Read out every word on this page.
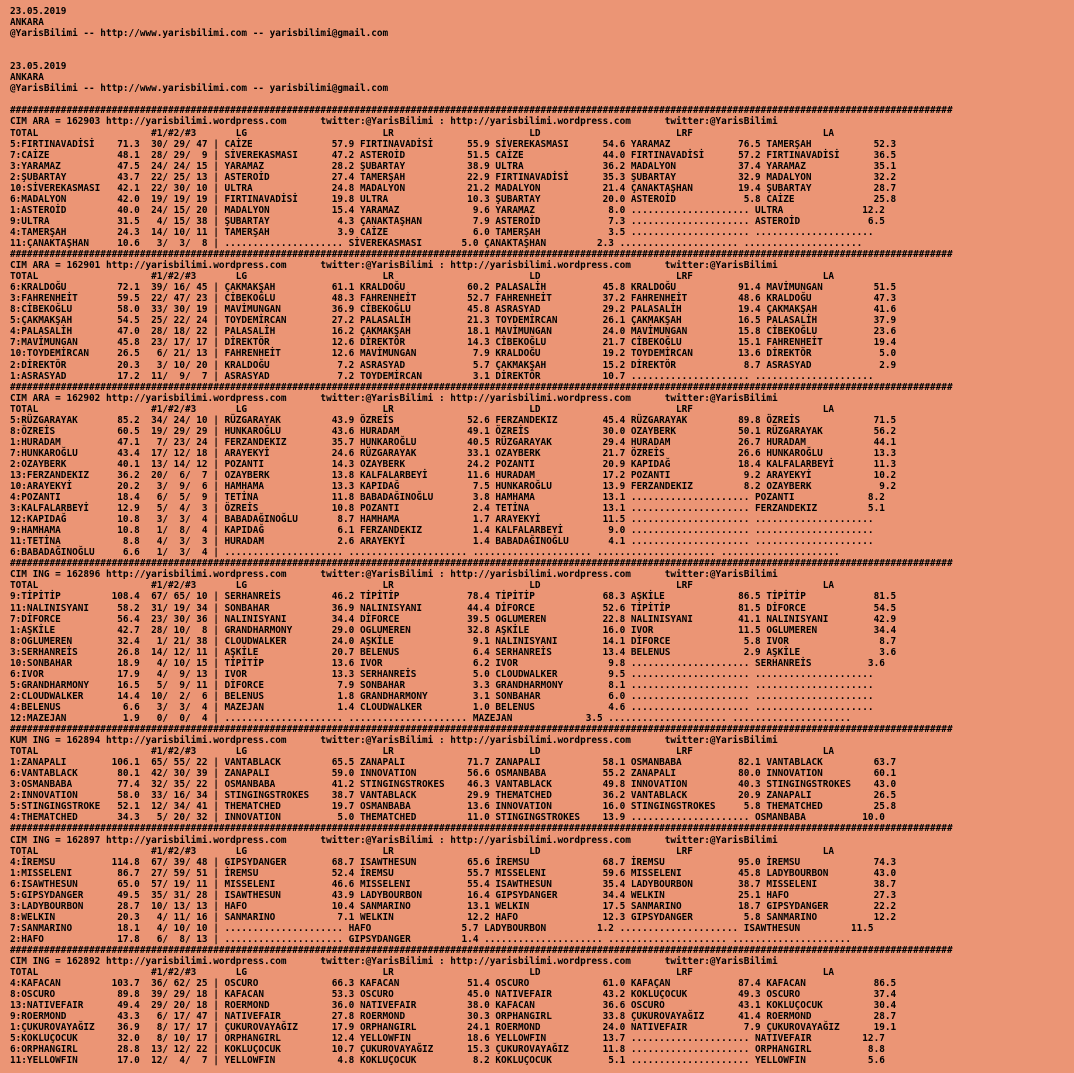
23.05.2019
ANKARA
@YarisBilimi -- http://www.yarisbilimi.com -- yarisbilimi@gmail.com

23.05.2019
ANKARA
@YarisBilimi -- http://www.yarisbilimi.com -- yarisbilimi@gmail.com

#######################################################################################################################################################################
CIM ARA = 162903 http://yarisbilimi.wordpress.com      twitter:@YarisBilimi : http://yarisbilimi.wordpress.com      twitter:@YarisBilimi
TOTAL                    #1/#2/#3       LG                        LR                        LD                        LRF                       LA
5:FIRTINAVADİSİ    71.3  30/ 29/ 47 | CAİZE              57.9 FIRTINAVADİSİ      55.9 SİVEREKASMASI      54.6 YARAMAZ            76.5 TAMERŞAH           52.3
7:CAİZE            48.1  28/ 29/  9 | SİVEREKASMASI      47.2 ASTEROİD           51.5 CAİZE              44.0 FIRTINAVADİSİ      57.2 FIRTINAVADİSİ      36.5
3:YARAMAZ          47.5  24/ 24/ 15 | YARAMAZ            28.2 ŞUBARTAY           38.9 ULTRA              36.2 MADALYON           37.4 YARAMAZ            35.1
2:ŞUBARTAY         43.7  22/ 25/ 13 | ASTEROİD           27.4 TAMERŞAH           22.9 FIRTINAVADİSİ      35.3 ŞUBARTAY           32.9 MADALYON           32.2
10:SİVEREKASMASI   42.1  22/ 30/ 10 | ULTRA              24.8 MADALYON           21.2 MADALYON           21.4 ÇANAKTAŞHAN        19.4 ŞUBARTAY           28.7
6:MADALYON         42.0  19/ 19/ 19 | FIRTINAVADİSİ      19.8 ULTRA              10.3 ŞUBARTAY           20.0 ASTEROİD            5.8 CAİZE              25.8
1:ASTEROİD         40.0  24/ 15/ 20 | MADALYON           15.4 YARAMAZ             9.6 YARAMAZ             8.0 ..................... ULTRA              12.2
9:ULTRA            31.5   4/ 15/ 38 | ŞUBARTAY            4.3 ÇANAKTAŞHAN         7.9 ASTEROİD            7.3 ..................... ASTEROİD            6.5
4:TAMERŞAH         24.3  14/ 10/ 11 | TAMERŞAH            3.9 CAİZE               6.0 TAMERŞAH            3.5 ..................... .....................
11:ÇANAKTAŞHAN     10.6   3/  3/  8 | ..................... SİVEREKASMASI       5.0 ÇANAKTAŞHAN         2.3 ..................... .....................
#######################################################################################################################################################################
CIM ARA = 162901 http://yarisbilimi.wordpress.com      twitter:@YarisBilimi : http://yarisbilimi.wordpress.com      twitter:@YarisBilimi
TOTAL                    #1/#2/#3       LG                        LR                        LD                        LRF                       LA
6:KRALDOĞU         72.1  39/ 16/ 45 | ÇAKMAKŞAH          61.1 KRALDOĞU           60.2 PALASALİH          45.8 KRALDOĞU           91.4 MAVİMUNGAN         51.5
3:FAHRENHEİT       59.5  22/ 47/ 23 | CİBEKOĞLU          48.3 FAHRENHEİT         52.7 FAHRENHEİT         37.2 FAHRENHEİT         48.6 KRALDOĞU           47.3
8:CİBEKOĞLU        58.0  33/ 30/ 19 | MAVİMUNGAN         36.9 CİBEKOĞLU          45.8 ASRASYAD           29.2 PALASALİH          19.4 ÇAKMAKŞAH          41.6
5:ÇAKMAKŞAH        54.5  25/ 22/ 24 | TOYDEMİRCAN        27.2 PALASALİH          21.3 TOYDEMİRCAN        26.1 ÇAKMAKŞAH          16.5 PALASALİH          37.9
4:PALASALİH        47.0  28/ 18/ 22 | PALASALİH          16.2 ÇAKMAKŞAH          18.1 MAVİMUNGAN         24.0 MAVİMUNGAN         15.8 CİBEKOĞLU          23.6
7:MAVİMUNGAN       45.8  23/ 17/ 17 | DİREKTÖR           12.6 DİREKTÖR           14.3 CİBEKOĞLU          21.7 CİBEKOĞLU          15.1 FAHRENHEİT         19.4
10:TOYDEMİRCAN     26.5   6/ 21/ 13 | FAHRENHEİT         12.6 MAVİMUNGAN          7.9 KRALDOĞU           19.2 TOYDEMİRCAN        13.6 DİREKTÖR            5.0
2:DİREKTÖR         20.3   3/ 10/ 20 | KRALDOĞU            7.2 ASRASYAD            5.7 ÇAKMAKŞAH          15.2 DİREKTÖR            8.7 ASRASYAD            2.9
1:ASRASYAD         17.2  11/  9/  7 | ASRASYAD            7.2 TOYDEMİRCAN         3.1 DİREKTÖR           10.7 ..................... .....................
#######################################################################################################################################################################
CIM ARA = 162902 http://yarisbilimi.wordpress.com      twitter:@YarisBilimi : http://yarisbilimi.wordpress.com      twitter:@YarisBilimi
TOTAL                    #1/#2/#3       LG                        LR                        LD                        LRF                       LA
5:RÜZGARAYAK       85.2  34/ 24/ 10 | RÜZGARAYAK         43.9 ÖZREİS             52.6 FERZANDEKIZ        45.4 RÜZGARAYAK         89.8 ÖZREİS             71.5
8:ÖZREİS           60.5  19/ 29/ 29 | HUNKAROĞLU         43.6 HURADAM            49.1 ÖZREİS             30.0 OZAYBERK           50.1 RÜZGARAYAK         56.2
1:HURADAM          47.1   7/ 23/ 24 | FERZANDEKIZ        35.7 HUNKAROĞLU         40.5 RÜZGARAYAK         29.4 HURADAM            26.7 HURADAM            44.1
7:HUNKAROĞLU       43.4  17/ 12/ 18 | ARAYEKYİ           24.6 RÜZGARAYAK         33.1 OZAYBERK           21.7 ÖZREİS             26.6 HUNKAROĞLU         13.3
2:OZAYBERK         40.1  13/ 14/ 12 | POZANTI            14.3 OZAYBERK           24.2 POZANTI            20.9 KAPIDAĞ            18.4 KALFALARBEYİ       11.3
13:FERZANDEKIZ     36.2  20/  6/  7 | OZAYBERK           13.8 KALFALARBEYİ       11.6 HURADAM            17.2 POZANTI             9.2 ARAYEKYİ           10.2
10:ARAYEKYİ        20.2   3/  9/  6 | HAMHAMA            13.3 KAPIDAĞ             7.5 HUNKAROĞLU         13.9 FERZANDEKIZ         8.2 OZAYBERK            9.2
4:POZANTI          18.4   6/  5/  9 | TETİNA             11.8 BABADAĞINOĞLU       3.8 HAMHAMA            13.1 ..................... POZANTI             8.2
3:KALFALARBEYİ     12.9   5/  4/  3 | ÖZREİS             10.8 POZANTI             2.4 TETİNA             13.1 ..................... FERZANDEKIZ         5.1
12:KAPIDAĞ         10.8   3/  3/  4 | BABADAĞINOĞLU       8.7 HAMHAMA             1.7 ARAYEKYİ           11.5 ..................... .....................
9:HAMHAMA          10.8   1/  8/  4 | KAPIDAĞ             6.1 FERZANDEKIZ         1.4 KALFALARBEYİ        9.0 ..................... .....................
11:TETİNA           8.8   4/  3/  3 | HURADAM             2.6 ARAYEKYİ            1.4 BABADAĞINOĞLU       4.1 ..................... .....................
6:BABADAĞINOĞLU     6.6   1/  3/  4 | ..................... ..................... ..................... ..................... .....................
#######################################################################################################################################################################
CIM ING = 162896 http://yarisbilimi.wordpress.com      twitter:@YarisBilimi : http://yarisbilimi.wordpress.com      twitter:@YarisBilimi
TOTAL                    #1/#2/#3       LG                        LR                        LD                        LRF                       LA
9:TİPİTİP         108.4  67/ 65/ 10 | SERHANREİS         46.2 TİPİTİP            78.4 TİPİTİP            68.3 AŞKİLE             86.5 TİPİTİP            81.5
11:NALINISYANI     58.2  31/ 19/ 34 | SONBAHAR           36.9 NALINISYANI        44.4 DİFORCE            52.6 TİPİTİP            81.5 DİFORCE            54.5
7:DİFORCE          56.4  23/ 30/ 36 | NALINISYANI        34.4 DİFORCE            39.5 OGLUMEREN          22.8 NALINISYANI        41.1 NALINISYANI        42.9
1:AŞKİLE           42.7  28/ 10/  8 | GRANDHARMONY       29.0 OGLUMEREN          32.8 AŞKİLE             16.0 IVOR               11.5 OGLUMEREN          34.4
8:OGLUMEREN        32.4   1/ 21/ 38 | CLOUDWALKER        24.0 AŞKİLE              9.1 NALINISYANI        14.1 DİFORCE             5.8 IVOR                8.7
3:SERHANREİS       26.8  14/ 12/ 11 | AŞKİLE             20.7 BELENUS             6.4 SERHANREİS         13.4 BELENUS             2.9 AŞKİLE              3.6
10:SONBAHAR        18.9   4/ 10/ 15 | TİPİTİP            13.6 IVOR                6.2 IVOR                9.8 ..................... SERHANREİS          3.6
6:IVOR             17.9   4/  9/ 13 | IVOR               13.3 SERHANREİS          5.0 CLOUDWALKER         9.5 ..................... .....................
5:GRANDHARMONY     16.5   5/  9/ 11 | DİFORCE             7.9 SONBAHAR            3.3 GRANDHARMONY        8.1 ..................... .....................
2:CLOUDWALKER      14.4  10/  2/  6 | BELENUS             1.8 GRANDHARMONY        3.1 SONBAHAR            6.0 ..................... .....................
4:BELENUS           6.6   3/  3/  4 | MAZEJAN             1.4 CLOUDWALKER         1.0 BELENUS             4.6 ..................... .....................
12:MAZEJAN          1.9   0/  0/  4 | ..................... ..................... MAZEJAN             3.5 ..................... .....................
#######################################################################################################################################################################
KUM ING = 162894 http://yarisbilimi.wordpress.com      twitter:@YarisBilimi : http://yarisbilimi.wordpress.com      twitter:@YarisBilimi
TOTAL                    #1/#2/#3       LG                        LR                        LD                        LRF                       LA
1:ZANAPALI        106.1  65/ 55/ 22 | VANTABLACK         65.5 ZANAPALI           71.7 ZANAPALI           58.1 OSMANBABA          82.1 VANTABLACK         63.7
6:VANTABLACK       80.1  42/ 30/ 39 | ZANAPALI           59.0 INNOVATION         56.6 OSMANBABA          55.2 ZANAPALI           80.0 INNOVATION         60.1
3:OSMANBABA        77.4  32/ 35/ 22 | OSMANBABA          41.2 STINGINGSTROKES    46.3 VANTABLACK         49.8 INNOVATION         40.3 STINGINGSTROKES    43.0
2:INNOVATION       58.0  33/ 16/ 34 | STINGINGSTROKES    38.7 VANTABLACK         29.9 THEMATCHED         36.2 VANTABLACK         20.9 ZANAPALI           26.5
5:STINGINGSTROKE   52.1  12/ 34/ 41 | THEMATCHED         19.7 OSMANBABA          13.6 INNOVATION         16.0 STINGINGSTROKES     5.8 THEMATCHED         25.8
4:THEMATCHED       34.3   5/ 20/ 32 | INNOVATION          5.0 THEMATCHED         11.0 STINGINGSTROKES    13.9 ..................... OSMANBABA          10.0
#######################################################################################################################################################################
CIM ING = 162897 http://yarisbilimi.wordpress.com      twitter:@YarisBilimi : http://yarisbilimi.wordpress.com      twitter:@YarisBilimi
TOTAL                    #1/#2/#3       LG                        LR                        LD                        LRF                       LA
4:İREMSU          114.8  67/ 39/ 48 | GIPSYDANGER        68.7 ISAWTHESUN         65.6 İREMSU             68.7 İREMSU             95.0 İREMSU             74.3
1:MISSELENI        86.7  27/ 59/ 51 | İREMSU             52.4 İREMSU             55.7 MISSELENI          59.6 MISSELENI          45.8 LADYBOURBON        43.0
6:ISAWTHESUN       65.0  57/ 19/ 11 | MISSELENI          46.6 MISSELENI          55.4 ISAWTHESUN         35.4 LADYBOURBON        38.7 MISSELENI          38.7
5:GIPSYDANGER      49.5  35/ 31/ 28 | ISAWTHESUN         43.9 LADYBOURBON        16.4 GIPSYDANGER        34.4 WELKIN             25.1 HAFO               27.3
3:LADYBOURBON      28.7  10/ 13/ 13 | HAFO               10.4 SANMARINO          13.1 WELKIN             17.5 SANMARINO          18.7 GIPSYDANGER        22.2
8:WELKIN           20.3   4/ 11/ 16 | SANMARINO           7.1 WELKIN             12.2 HAFO               12.3 GIPSYDANGER         5.8 SANMARINO          12.2
7:SANMARINO        18.1   4/ 10/ 10 | ..................... HAFO                5.7 LADYBOURBON         1.2 ..................... ISAWTHESUN         11.5
2:HAFO             17.8   6/  8/ 13 | ..................... GIPSYDANGER         1.4 ..................... ..................... .....................
#######################################################################################################################################################################
CIM ING = 162892 http://yarisbilimi.wordpress.com      twitter:@YarisBilimi : http://yarisbilimi.wordpress.com      twitter:@YarisBilimi
TOTAL                    #1/#2/#3       LG                        LR                        LD                        LRF                       LA
4:KAFACAN         103.7  36/ 62/ 25 | OSCURO             66.3 KAFACAN            51.4 OSCURO             61.0 KAFAÇAN            87.4 KAFACAN            86.5
8:OSCURO           89.8  39/ 29/ 18 | KAFACAN            53.3 OSCURO             45.0 NATIVEFAIR         43.2 KOKLUÇOCUK         49.3 OSCURO             37.4
13:NATIVEFAIR      49.4  29/ 20/ 18 | ROERMOND           36.0 NATIVEFAIR         38.0 KAFACAN            36.6 OSCURO             43.1 KOKLUÇOCUK         30.4
9:ROERMOND         43.3   6/ 17/ 47 | NATIVEFAIR         27.8 ROERMOND           30.3 ORPHANGIRL         33.8 ÇUKUROVAYAĞIZ      41.4 ROERMOND           28.7
1:ÇUKUROVAYAĞIZ    36.9   8/ 17/ 17 | ÇUKUROVAYAĞIZ      17.9 ORPHANGIRL         24.1 ROERMOND           24.0 NATIVEFAIR          7.9 ÇUKUROVAYAĞIZ      19.1
5:KOKLUÇOCUK       32.0   8/ 10/ 17 | ORPHANGIRL         12.4 YELLOWFIN          18.6 YELLOWFIN          13.7 ..................... NATIVEFAIR         12.7
6:ORPHANGIRL       28.8  13/ 12/ 22 | KOKLUÇOCUK         10.7 ÇUKUROVAYAĞIZ      15.3 ÇUKUROVAYAĞIZ      11.8 ..................... ORPHANGIRL          8.8
11:YELLOWFIN       17.0  12/  4/  7 | YELLOWFIN           4.8 KOKLUÇOCUK          8.2 KOKLUÇOCUK          5.1 ..................... YELLOWFIN           5.6
